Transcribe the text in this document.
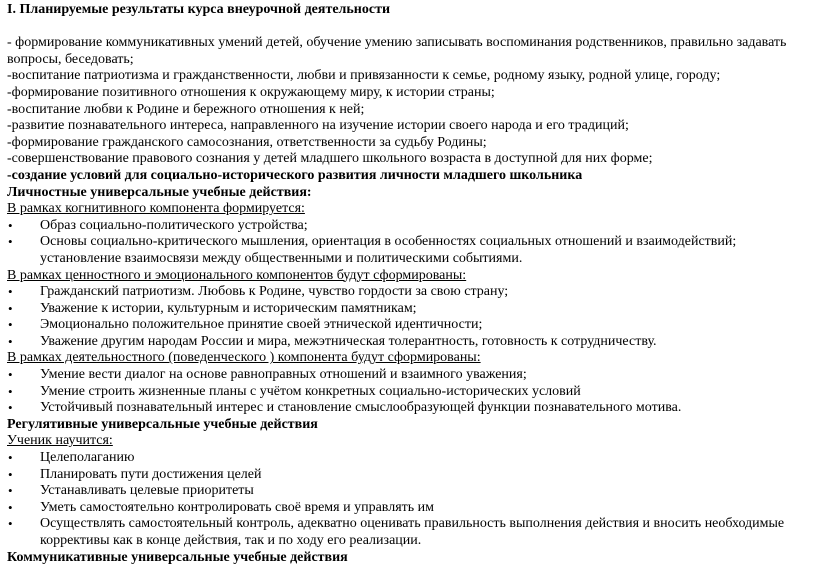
I. Планируемые результаты курса внеурочной деятельности

- формирование коммуникативных умений детей, обучение умению записывать воспоминания родственников, правильно задавать вопросы, беседовать;

-воспитание патриотизма и гражданственности, любви и привязанности к семье, родному языку, родной улице, городу;

-формирование позитивного отношения к окружающему миру, к истории страны;

-воспитание любви к Родине и бережного отношения к ней;

-развитие познавательного интереса, направленного на изучение истории своего народа и его традиций;

-формирование гражданского самосознания, ответственности за судьбу Родины;

-совершенствование правового сознания у детей младшего школьного возраста в доступной для них форме;

-создание условий для социально-исторического развития личности младшего школьника

Личностные универсальные учебные действия:

В рамках когнитивного компонента формируется:

• Образ социально-политического устройства;

• Основы социально-критического мышления, ориентация в особенностях социальных отношений и взаимодействий; установление взаимосвязи между общественными и политическими событиями.

В рамках ценностного и эмоционального компонентов будут сформированы:

• Гражданский патриотизм. Любовь к Родине, чувство гордости за свою страну;

• Уважение к истории, культурным и историческим памятникам;

• Эмоционально положительное принятие своей этнической идентичности;

• Уважение другим народам России и мира, межэтническая толерантность, готовность к сотрудничеству.

В рамках деятельностного (поведенческого ) компонента будут сформированы:

• Умение вести диалог на основе равноправных отношений и взаимного уважения;

• Умение строить жизненные планы с учётом конкретных социально-исторических условий

• Устойчивый познавательный интерес и становление смыслообразующей функции познавательного мотива.

Регулятивные универсальные учебные действия

Ученик научится:

• Целеполаганию

• Планировать пути достижения целей

• Устанавливать целевые приоритеты

• Уметь самостоятельно контролировать своё время и управлять им

• Осуществлять самостоятельный контроль, адекватно оценивать правильность выполнения действия и вносить необходимые коррективы как в конце действия, так и по ходу его реализации.

Коммуникативные универсальные учебные действия
